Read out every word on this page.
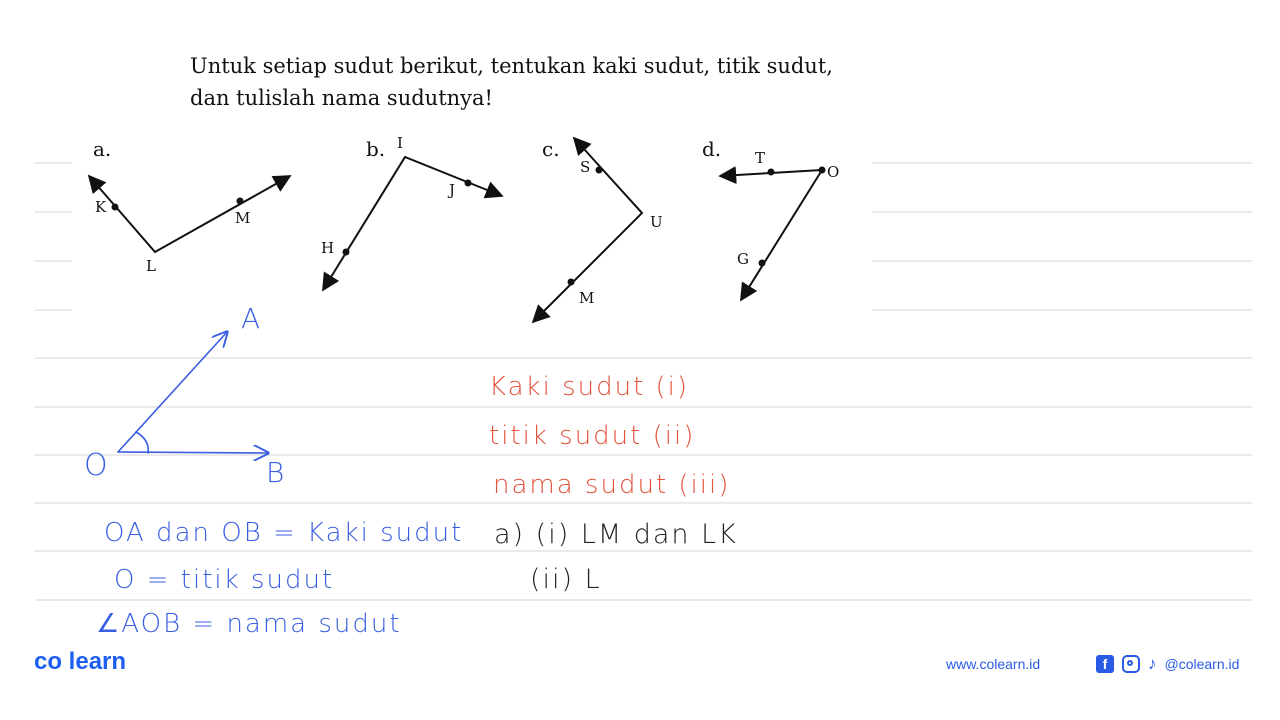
Untuk setiap sudut berikut, tentukan kaki sudut, titik sudut,
dan tulislah nama sudutnya!
a.	b.	c.	d.
K
M
L
I
J
H
S
U
M
T
O
G
A
O	B
Kaki sudut (i)
titik sudut (ii)
nama sudut (iii)
OA dan OB = Kaki sudut
O = titik sudut
∠AOB = nama sudut
a) (i) LM dan LK
(ii) L
co learn	www.colearn.id	f	♪ @colearn.id
